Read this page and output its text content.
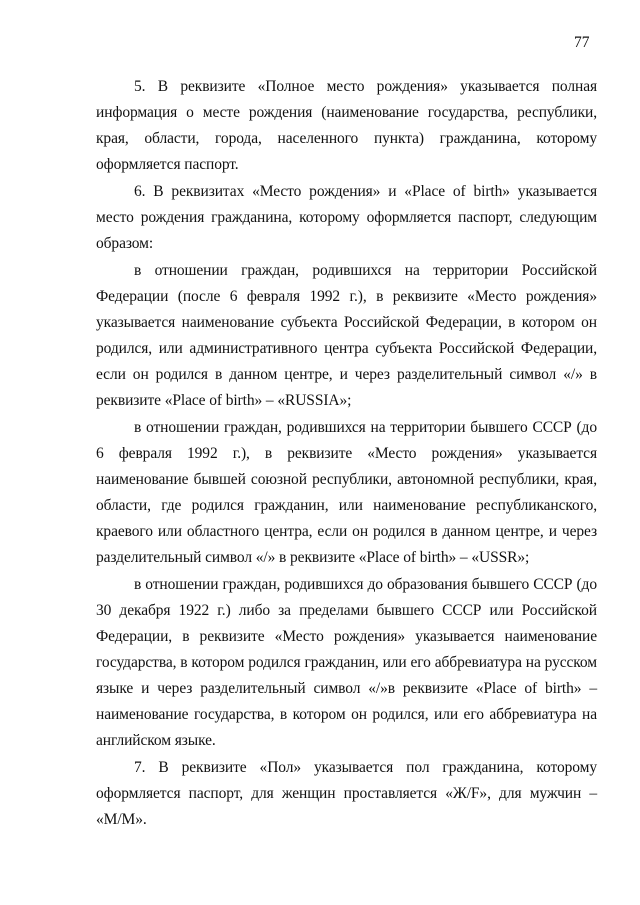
77

5. В реквизите «Полное место рождения» указывается полная информация о месте рождения (наименование государства, республики, края, области, города, населенного пункта) гражданина, которому оформляется паспорт.

6. В реквизитах «Место рождения» и «Place of birth» указывается место рождения гражданина, которому оформляется паспорт, следующим образом:

в отношении граждан, родившихся на территории Российской Федерации (после 6 февраля 1992 г.), в реквизите «Место рождения» указывается наименование субъекта Российской Федерации, в котором он родился, или административного центра субъекта Российской Федерации, если он родился в данном центре, и через разделительный символ «/» в реквизите «Place of birth» – «RUSSIA»;

в отношении граждан, родившихся на территории бывшего СССР (до 6 февраля 1992 г.), в реквизите «Место рождения» указывается наименование бывшей союзной республики, автономной республики, края, области, где родился гражданин, или наименование республиканского, краевого или областного центра, если он родился в данном центре, и через разделительный символ «/» в реквизите «Place of birth» – «USSR»;

в отношении граждан, родившихся до образования бывшего СССР (до 30 декабря 1922 г.) либо за пределами бывшего СССР или Российской Федерации, в реквизите «Место рождения» указывается наименование государства, в котором родился гражданин, или его аббревиатура на русском языке и через разделительный символ «/»в реквизите «Place of birth» – наименование государства, в котором он родился, или его аббревиатура на английском языке.

7. В реквизите «Пол» указывается пол гражданина, которому оформляется паспорт, для женщин проставляется «Ж/F», для мужчин – «М/M».
